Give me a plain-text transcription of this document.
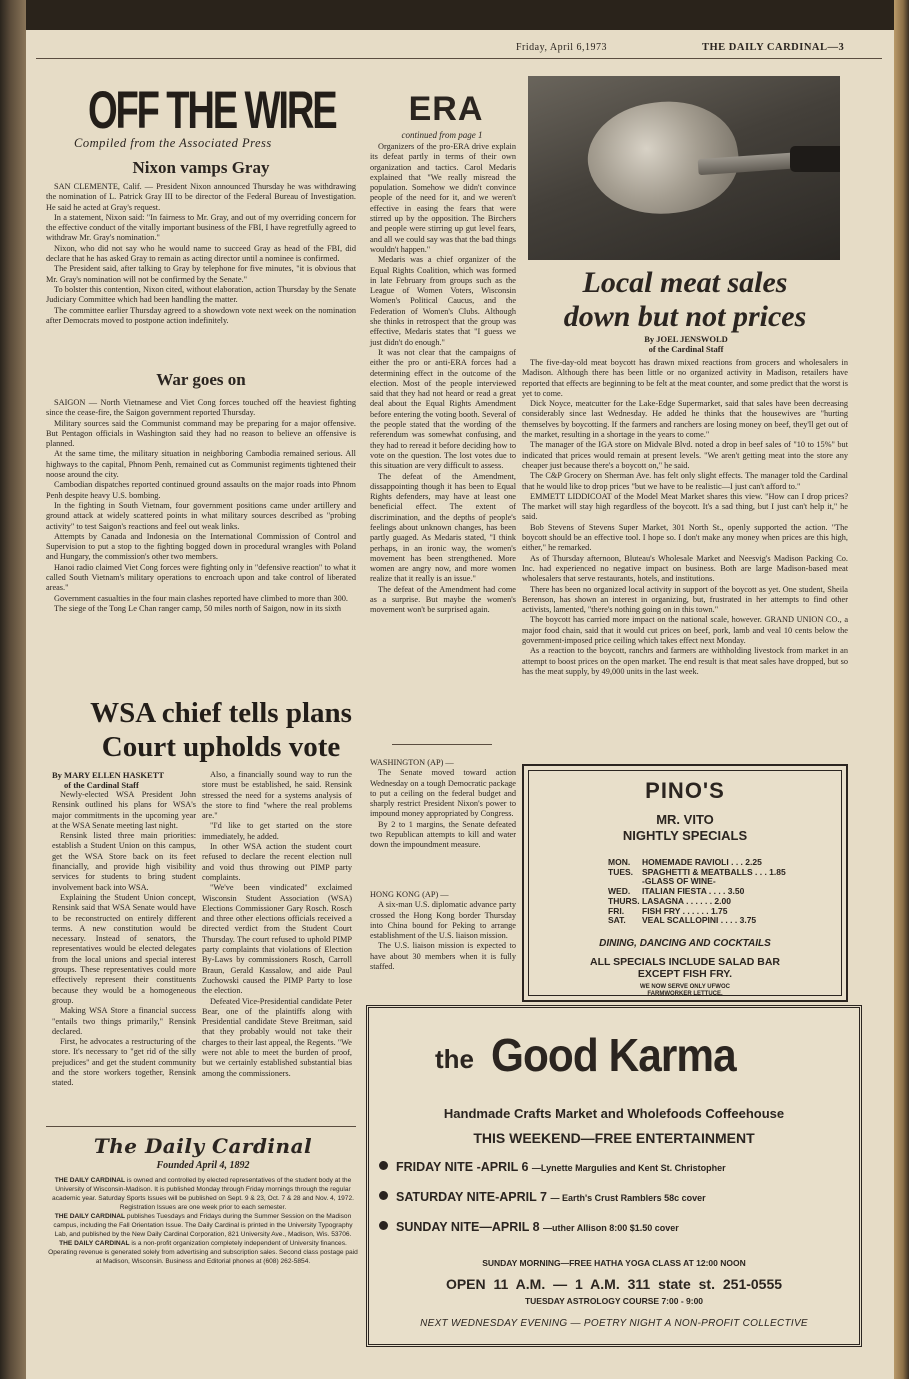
Friday, April 6,1973	THE DAILY CARDINAL—3
OFF THE WIRE
Compiled from the Associated Press
Nixon vamps Gray

SAN CLEMENTE, Calif. — President Nixon announced Thursday he was withdrawing the nomination of L. Patrick Gray III to be director of the Federal Bureau of Investigation. He said he acted at Gray's request.

In a statement, Nixon said: "In fairness to Mr. Gray, and out of my overriding concern for the effective conduct of the vitally important business of the FBI, I have regretfully agreed to withdraw Mr. Gray's nomination."

Nixon, who did not say who he would name to succeed Gray as head of the FBI, did declare that he has asked Gray to remain as acting director until a nominee is confirmed.

The President said, after talking to Gray by telephone for five minutes, "it is obvious that Mr. Gray's nomination will not be confirmed by the Senate."

To bolster this contention, Nixon cited, without elaboration, action Thursday by the Senate Judiciary Committee which had been handling the matter.

The committee earlier Thursday agreed to a showdown vote next week on the nomination after Democrats moved to postpone action indefinitely.

War goes on

SAIGON — North Vietnamese and Viet Cong forces touched off the heaviest fighting since the cease-fire, the Saigon government reported Thursday.

Military sources said the Communist command may be preparing for a major offensive. But Pentagon officials in Washington said they had no reason to believe an offensive is planned.

At the same time, the military situation in neighboring Cambodia remained serious. All highways to the capital, Phnom Penh, remained cut as Communist regiments tightened their noose around the city.

Cambodian dispatches reported continued ground assaults on the major roads into Phnom Penh despite heavy U.S. bombing.

In the fighting in South Vietnam, four government positions came under artillery and ground attack at widely scattered points in what military sources described as "probing activity" to test Saigon's reactions and feel out weak links.

Attempts by Canada and Indonesia on the International Commission of Control and Supervision to put a stop to the fighting bogged down in procedural wrangles with Poland and Hungary, the commission's other two members.

Hanoi radio claimed Viet Cong forces were fighting only in "defensive reaction" to what it called South Vietnam's military operations to encroach upon and take control of liberated areas."

Government casualties in the four main clashes reported have climbed to more than 300.

The siege of the Tong Le Chan ranger camp, 50 miles north of Saigon, now in its sixth

WSA chief tells plans
Court upholds vote
By MARY ELLEN HASKETT
of the Cardinal Staff

Newly-elected WSA President John Rensink outlined his plans for WSA's major commitments in the upcoming year at the WSA Senate meeting last night.

Rensink listed three main priorities: establish a Student Union on this campus, get the WSA Store back on its feet financially, and provide high visibility services for students to bring student involvement back into WSA.

Explaining the Student Union concept, Rensink said that WSA Senate would have to be reconstructed on entirely different terms. A new constitution would be necessary. Instead of senators, the representatives would be elected delegates from the local unions and special interest groups. These representatives could more effectively represent their constituents because they would be a homogeneous group.

Making WSA Store a financial success "entails two things primarily," Rensink declared.

First, he advocates a restructuring of the store. It's necessary to "get rid of the silly prejudices" and get the student community and the store workers together, Rensink stated.

Also, a financially sound way to run the store must be established, he said. Rensink stressed the need for a systems analysis of the store to find "where the real problems are."

"I'd like to get started on the store immediately, he added.

In other WSA action the student court refused to declare the recent election null and void thus throwing out PIMP party complaints.

"We've been vindicated" exclaimed Wisconsin Student Association (WSA) Elections Commissioner Gary Rosch. Rosch and three other elections officials received a directed verdict from the Student Court Thursday. The court refused to uphold PIMP party complaints that violations of Election By-Laws by commissioners Rosch, Carroll Braun, Gerald Kassalow, and aide Paul Zuchowski caused the PIMP Party to lose the election.

Defeated Vice-Presidential candidate Peter Bear, one of the plaintiffs along with Presidential candidate Steve Breitman, said that they probably would not take their charges to their last appeal, the Regents. "We were not able to meet the burden of proof, but we certainly established substantial bias among the commissioners.

The Daily Cardinal
Founded April 4, 1892

THE DAILY CARDINAL is owned and controlled by elected representatives of the student body at the University of Wisconsin-Madison. It is published Monday through Friday mornings through the regular academic year. Saturday Sports Issues will be published on Sept. 9 & 23, Oct. 7 & 28 and Nov. 4, 1972. Registration Issues are one week prior to each semester.

THE DAILY CARDINAL publishes Tuesdays and Fridays during the Summer Session on the Madison campus, including the Fall Orientation Issue. The Daily Cardinal is printed in the University Typography Lab, and published by the New Daily Cardinal Corporation, 821 University Ave., Madison, Wis. 53706.

THE DAILY CARDINAL is a non-profit organization completely independent of University finances. Operating revenue is generated solely from advertising and subscription sales. Second class postage paid at Madison, Wisconsin. Business and Editorial phones at (608) 262-5854.

ERA
continued from page 1

Organizers of the pro-ERA drive explain its defeat partly in terms of their own organization and tactics. Carol Medaris explained that "We really misread the population. Somehow we didn't convince people of the need for it, and we weren't effective in easing the fears that were stirred up by the opposition. The Birchers and people were stirring up gut level fears, and all we could say was that the bad things wouldn't happen."

Medaris was a chief organizer of the Equal Rights Coalition, which was formed in late February from groups such as the League of Women Voters, Wisconsin Women's Political Caucus, and the Federation of Women's Clubs. Although she thinks in retrospect that the group was effective, Medaris states that "I guess we just didn't do enough."

It was not clear that the campaigns of either the pro or anti-ERA forces had a determining effect in the outcome of the election. Most of the people interviewed said that they had not heard or read a great deal about the Equal Rights Amendment before entering the voting booth. Several of the people stated that the wording of the referendum was somewhat confusing, and they had to reread it before deciding how to vote on the question. The lost votes due to this situation are very difficult to assess.

The defeat of the Amendment, dissappointing though it has been to Equal Rights defenders, may have at least one beneficial effect. The extent of discrimination, and the depths of people's feelings about unknown changes, has been partly guaged. As Medaris stated, "I think perhaps, in an ironic way, the women's movement has been strengthened. More women are angry now, and more women realize that it really is an issue."

The defeat of the Amendment had come as a surprise. But maybe the women's movement won't be surprised again.

WASHINGTON (AP) —

The Senate moved toward action Wednesday on a tough Democratic package to put a ceiling on the federal budget and sharply restrict President Nixon's power to impound money appropriated by Congress.

By 2 to 1 margins, the Senate defeated two Republican attempts to kill and water down the impoundment measure.

HONG KONG (AP) —

A six-man U.S. diplomatic advance party crossed the Hong Kong border Thursday into China bound for Peking to arrange establishment of the U.S. liaison mission.

The U.S. liaison mission is expected to have about 30 members when it is fully staffed.

Local meat sales
down but not prices
By JOEL JENSWOLD
of the Cardinal Staff

The five-day-old meat boycott has drawn mixed reactions from grocers and wholesalers in Madison. Although there has been little or no organized activity in Madison, retailers have reported that effects are beginning to be felt at the meat counter, and some predict that the worst is yet to come.

Dick Noyce, meatcutter for the Lake-Edge Supermarket, said that sales have been decreasing considerably since last Wednesday. He added he thinks that the housewives are "hurting themselves by boycotting. If the farmers and ranchers are losing money on beef, they'll get out of the market, resulting in a shortage in the years to come."

The manager of the IGA store on Midvale Blvd. noted a drop in beef sales of "10 to 15%" but indicated that prices would remain at present levels. "We aren't getting meat into the store any cheaper just because there's a boycott on," he said.

The C&P Grocery on Sherman Ave. has felt only slight effects. The manager told the Cardinal that he would like to drop prices "but we have to be realistic—I just can't afford to."

EMMETT LIDDICOAT of the Model Meat Market shares this view. "How can I drop prices? The market will stay high regardless of the boycott. It's a sad thing, but I just can't help it," he said.

Bob Stevens of Stevens Super Market, 301 North St., openly supported the action. "The boycott should be an effective tool. I hope so. I don't make any money when prices are this high, either," he remarked.

As of Thursday afternoon, Bluteau's Wholesale Market and Neesvig's Madison Packing Co. Inc. had experienced no negative impact on business. Both are large Madison-based meat wholesalers that serve restaurants, hotels, and institutions.

There has been no organized local activity in support of the boycott as yet. One student, Sheila Berenson, has shown an interest in organizing, but, frustrated in her attempts to find other activists, lamented, "there's nothing going on in this town."

The boycott has carried more impact on the national scale, however. GRAND UNION CO., a major food chain, said that it would cut prices on beef, pork, lamb and veal 10 cents below the government-imposed price ceiling which takes effect next Monday.

As a reaction to the boycott, ranchrs and farmers are withholding livestock from market in an attempt to boost prices on the open market. The end result is that meat sales have dropped, but so has the meat supply, by 49,000 units in the last week.

PINO'S
MR. VITO
NIGHTLY SPECIALS
MON.	HOMEMADE RAVIOLI . . . 2.25
TUES.	SPAGHETTI & MEATBALLS . . . 1.85
-GLASS OF WINE-
WED.	ITALIAN FIESTA . . . . 3.50
THURS. LASAGNA . . . . . . 2.00
FRI.	FISH FRY . . . . . . 1.75
SAT.	VEAL SCALLOPINI . . . . 3.75
DINING, DANCING AND COCKTAILS
ALL SPECIALS INCLUDE SALAD BAR
EXCEPT FISH FRY.
WE NOW SERVE ONLY UFWOC
FARMWORKER LETTUCE.
the Good Karma
Handmade Crafts Market and Wholefoods Coffeehouse
THIS WEEKEND—FREE ENTERTAINMENT
FRIDAY NITE -APRIL 6 —Lynette Margulies and Kent St. Christopher
SATURDAY NITE-APRIL 7 — Earth's Crust Ramblers 58c cover
SUNDAY NITE—APRIL 8 —uther Allison 8:00 $1.50 cover
SUNDAY MORNING—FREE HATHA YOGA CLASS AT 12:00 NOON
OPEN 11 A.M. — 1 A.M. 311 state st. 251-0555
TUESDAY ASTROLOGY COURSE 7:00 - 9:00
NEXT WEDNESDAY EVENING — POETRY NIGHT A NON-PROFIT COLLECTIVE
